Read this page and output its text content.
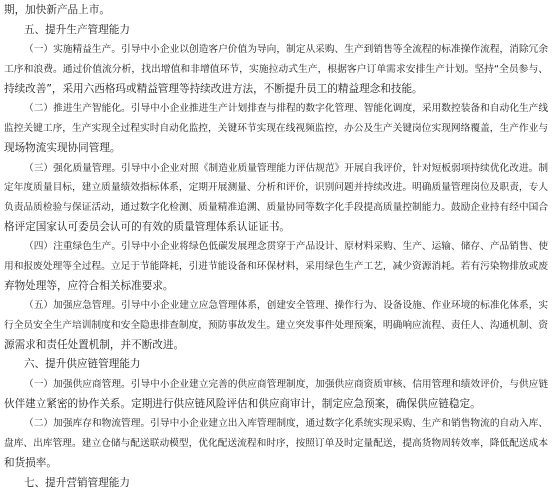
期，加快新产品上市。
五、提升生产管理能力
（一）实施精益生产。引导中小企业以创造客户价值为导向，制定从采购、生产到销售等全流程的标准操作流程，消除冗余
工序和浪费。通过价值流分析，找出增值和非增值环节，实施拉动式生产，根据客户订单需求安排生产计划。坚持“全员参与、
持续改善”，采用六西格玛或精益管理等持续改进方法，不断提升员工的精益理念和技能。
（二）推进生产智能化。引导中小企业推进生产计划排查与排程的数字化管理、智能化调度，采用数控装备和自动化生产线
监控关键工序，生产实现全过程实时自动化监控，关键环节实现在线视频监控，办公及生产关键岗位实现网络覆盖，生产作业与
现场物流实现协同管理。
（三）强化质量管理。引导中小企业对照《制造业质量管理能力评估规范》开展自我评价，针对短板弱项持续优化改进。制
定年度质量目标，建立质量绩效指标体系，定期开展测量、分析和评价，识别问题并持续改进。明确质量管理岗位及职责，专人
负责品质检验与保证活动，通过数字化检测、质量精准追溯、质量协同等数字化手段提高质量控制能力。鼓励企业持有经中国合
格评定国家认可委员会认可的有效的质量管理体系认证证书。
（四）注重绿色生产。引导中小企业将绿色低碳发展理念贯穿于产品设计、原材料采购、生产、运输、储存、产品销售、使
用和报废处理等全过程。立足于节能降耗，引进节能设备和环保材料，采用绿色生产工艺，减少资源消耗。若有污染物排放或废
弃物处理等，应符合相关标准要求。
（五）加强应急管理。引导中小企业建立应急管理体系，创建安全管理、操作行为、设备设施、作业环境的标准化体系，实
行全员安全生产培训制度和安全隐患排查制度，预防事故发生。建立突发事件处理预案，明确响应流程、责任人、沟通机制、资
源需求和责任处置机制，并不断改进。
六、提升供应链管理能力
（一）加强供应商管理。引导中小企业建立完善的供应商管理制度，加强供应商资质审核、信用管理和绩效评价，与供应链
伙伴建立紧密的协作关系。定期进行供应链风险评估和供应商审计，制定应急预案，确保供应链稳定。
（二）加强库存和物流管理。引导中小企业建立出入库管理制度，通过数字化系统实现采购、生产和销售物流的自动入库、
盘库、出库管理。建立仓储与配送联动模型，优化配送流程和时序，按照订单及时定量配送，提高货物周转效率，降低配送成本
和货损率。
七、提升营销管理能力
